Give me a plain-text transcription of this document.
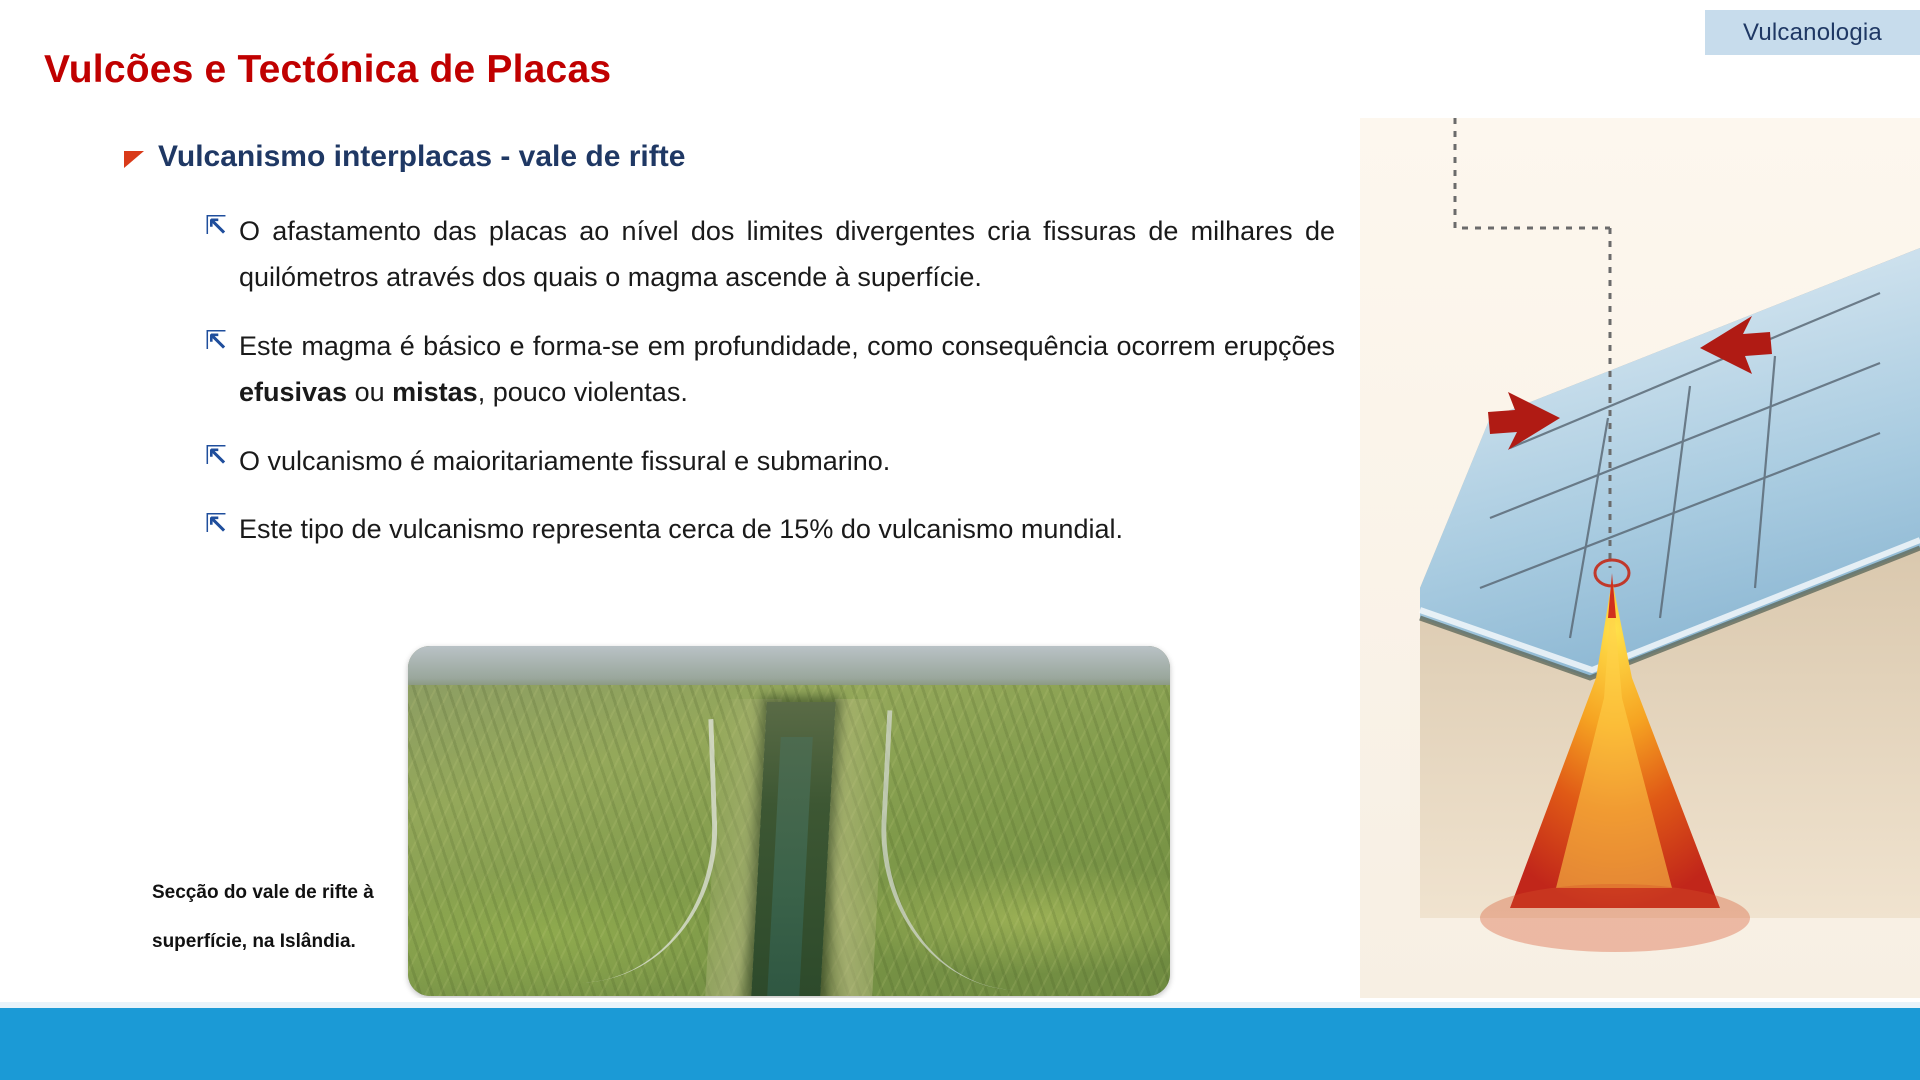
Vulcanologia
Vulcões e Tectónica de Placas
Vulcanismo interplacas - vale de rifte
⇱ O afastamento das placas ao nível dos limites divergentes cria fissuras de milhares de quilómetros através dos quais o magma ascende à superfície.
⇱ Este magma é básico e forma-se em profundidade, como consequência ocorrem erupções efusivas ou mistas, pouco violentas.
⇱ O vulcanismo é maioritariamente fissural e submarino.
⇱ Este tipo de vulcanismo representa cerca de 15% do vulcanismo mundial.
Secção do vale de rifte à
superfície, na Islândia.
